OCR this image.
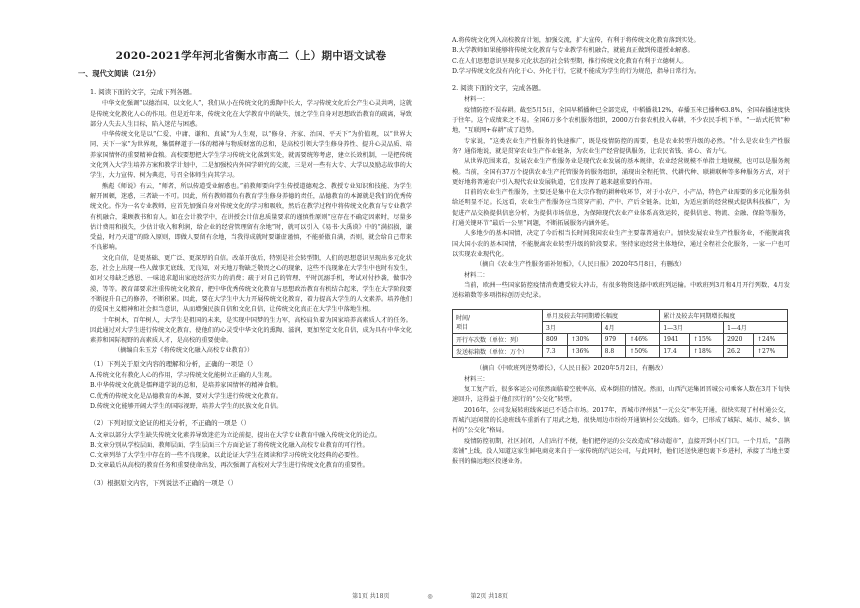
2020-2021学年河北省衡水市高二（上）期中语文试卷
一、现代文阅读（21分）
1. 阅读下面的文字，完成下列各题。

中华文化强调“以德治国、以文化人”，我们从小在传统文化的熏陶中长大，学习传统文化后会产生心灵共鸣，这就是传统文化教化人心的作用。但是近年来，传统文化在大学教育中的缺失，加之学生自身对思想政治教育的疏离，导致部分人失去人生目标，陷入迷茫与困惑。

中华传统文化是以“仁爱、中庸、谦和、真诚”为人生观，以“修身、齐家、治国、平天下”为价值观，以“世界大同、天下一家”为世界观，集儒释道于一体的精神与物质财富的总和，是高校引领大学生修身养性、提升心灵品质、培养家国情怀的重要精神食粮。高校要想把大学生学习传统文化落到实处，就需要统筹考虑，建立长效机制，一是把传统文化列入大学生培养方案和教学计划中，二是加强校内外国学研究的交流，三是对一些有大专、大学以及励志故事的大学生，大力宣传、树为典范，号召全体师生向其学习。

熊彪《师说》有云，“师者，所以传道受业解惑也。”前教师要向学生传授道德观念、教授专业知识和技能、为学生解开困顿，迷惑，三者缺一不可。因此，所有教师都负有教育学生修身养德的责任，品德教育的本源就是我们的优秀传统文化。作为一名专业教师，应首先加强自身对传统文化的学习和吸收，然后在教学过程中将传统文化教育与专业教学有机融合，秉顾教书和育人。如在会计教学中，在讲授会计信息质量要求的谨慎性原则“应存在不确定因素时，尽量多估计费用和损失，少估计收入和利润，给企业的经营管理留有余地”时，就可以引入《易书·大禹谟》中的“满招损，谦受益，时乃天道”的除入原则，即做人要留有余地，当我得成就时要谦虚谨慎，不能骄傲自满，否则，就会给自己带来不良影响。

文化自信，是更基础、更广泛、更深厚的自信。改革开放后，特别是社会转型期，人们的思想意识呈现出多元化状态，社会上出现一些人做事无底线、无良知，对天地万物缺乏敬畏之心的现象，这些不良现象在大学生中也时有发生，如对父母缺乏感恩、一味追求超出家庭经济实力的消费；疏于对自己的管理、平时沉溺手机，考试对付抄袭，做事冷漠，等等。教育部要求注重传统文化教育，把中华优秀传统文化教育与思想政治教育有机结合起来，学生在大学阶段要不断提升自己的修养，不断积累。因此，要在大学生中大力开展传统文化教育，着力提高大学生的人文素养。培养他们的爱国主义精神和社会担当意识，从而增强民族自信和文化自信，让传统文化真正在大学生中落地生根。

十年树木，百年树人，大学生是祖国的未来，是实现中国梦的生力军，高校肩负着为国家培养高素质人才的任务。因此通过对大学生进行传统文化教育，使他们的心灵受中华文化的熏陶、滋润，更加坚定文化自信，成为具有中华文化素养和国际视野的高素质人才，是高校的重要使命。

（摘编自朱玉芳《将传统文化融入高校专业教育》）

（1）下列关于原文内容的理解和分析，正确的一项是（）
A.传统文化有教化人心的作用，学习传统文化能树立正确的人生观。
B.中华传统文化就是儒释道学说的总和，是培养家国情怀的精神食粮。
C.优秀的传统文化是品德教育的本源，要对大学生进行传统文化教育。
D.传统文化能够开阔大学生的国际视野，培养大学生的民族文化自信。
（2）下列对原文论证的相关分析，不正确的一项是（）
A.文章以部分大学生缺失传统文化素养导致迷茫为立论前提，提出在大学专业教育中融入传统文化的论点。
B.文章分别从学校层面、教师层面、学生层面三个方面论证了将传统文化融入高校专业教育的可行性。
C.文章列举了大学生中存在的一些不良现象，以此论证大学生在阅读和学习传统文化经典的必要性。
D.文章最后从高校的教育任务和重要使命出发，再次强调了高校对大学生进行传统文化教育的重要性。
（3）根据原文内容，下列说法不正确的一项是（）
A.将传统文化列入高校教育计划，加强交流，扩大宣传，有利于将传统文化教育落到实处。
B.大学教师如果能够将传统文化教育与专业教学有机融合，就能真正做到传道授业解惑。
C.在人们思想意识呈现多元化状态的社会转型期，推行传统文化教育有利于立德树人。
D.学习传统文化没有内化于心、外化于行，它就不能成为学生的行为规范，指导日常行为。
2. 阅读下面的文字，完成各题。
材料一：

疫情防控不误春耕。截至5月5日，全国早稻播种已全部完成，中稻播栽12%，春播玉米已播种63.8%，全国春播速度快于往年。这个成绩来之不易。全国6万多个农机服务组织，2000万台套农机投入春耕，不少农民手机下单，“一站式托管”种地，“互联网+春耕”成了趋势。

专家说，“这类农业生产性服务的快速推广，既是疫情防控的需要，也是农业转型升级的必然。“什么是农业生产性服务？通俗地说，就是贯穿农业生产作业链条，为农业生产经营提供服务，让农民省钱、省心、省力气。

从世界范围来看，发展农业生产性服务业是现代农业发展的基本规律，农业经营规模不单指土地规模，也可以是服务规模。当前，全国有37万个提供农业生产托管服务的服务组织，涌现出全程托管、代耕代种、联耕联种等多种服务方式，对于更好地将普通农户引入现代农业发展轨道，它们发挥了越来越重要的作用。

目前的农业生产性服务，主要还是集中在大宗作物的耕种收环节，对于小农户、小产品，特色产业需要的多元化服务供给还明显不足。长远看，农业生产性服务应当贯穿产前、产中、产后全链条。比如，为适应新的经营模式提供科技推广，为促进产品交换提供信息分析，为提供市场信息，为保障现代农业产业体系高效运转，提供信息、物流、金融、保险等服务，打通关键环节“最后一公里”问题，不断拓展服务内涵外延。

人多地少的基本国情，决定了今后相当长时间我国农业生产主要靠普通农户。加快发展农业生产性服务业，不能脱离我国大国小农的基本国情，不能脱离农业转型升级的阶段要求。坚持家庭经营主体地位，通过全程社会化服务，一家一户也可以实现农业现代化。

（摘自《农业生产性服务需补短板》，《人民日报》2020年5月8日，有删改）

材料二：

当前，欧洲一些国家防控疫情消费遭受较大冲击，有很多物资选择中欧班列运输。中欧班列3月和4月开行列数、4月发送标箱数等多项指标创历史纪录。

时间/
项目	单月及较去年同期增长幅度				累计及较去年同期增长幅度			
	3月		4月		1—3月		1—4月	
开行车次数（单位：列）	809	↑30%	979	↑46%	1941	↑15%	2920	↑24%
发送标箱数（单位：万个）	7.3	↑36%	8.8	↑50%	17.4	↑18%	26.2	↑27%

（摘自《中欧班列逆势增长》，《人民日报》2020年5月2日，有删改）

材料三：

复工复产后，很多客运公司依然面临着空驶率高、成本倒挂的情况。然而，山西汽运集团晋城公司乘客人数在3月下旬快速回升，这得益于他们实行的“公交化”转型。

2016年，公司发展转班线客运已不适合市场。2017年，晋城市泽州县“一元公交”率先开通，很快实现了村村通公交，晋城汽运闲置的长途班线车重新有了用武之地，很快周边市纷纷开通镇村公交线路。如今，已形成了城际、城市、城乡、镇村的“公交化”格局。

疫情防控初期，社区封闭，人们出行不便，他们把停运的公交改造成“移动超市”，直接开到小区门口。一个月后，“喜鹊菜铺”上线，没人知道这家生鲜电商竟来自于一家传统的汽运公司，与此同时，他们还送快递包裹下乡进村，承接了当地主要报刊的偏远地区投递业务。

第1页 共18页	◎	第2页 共18页
